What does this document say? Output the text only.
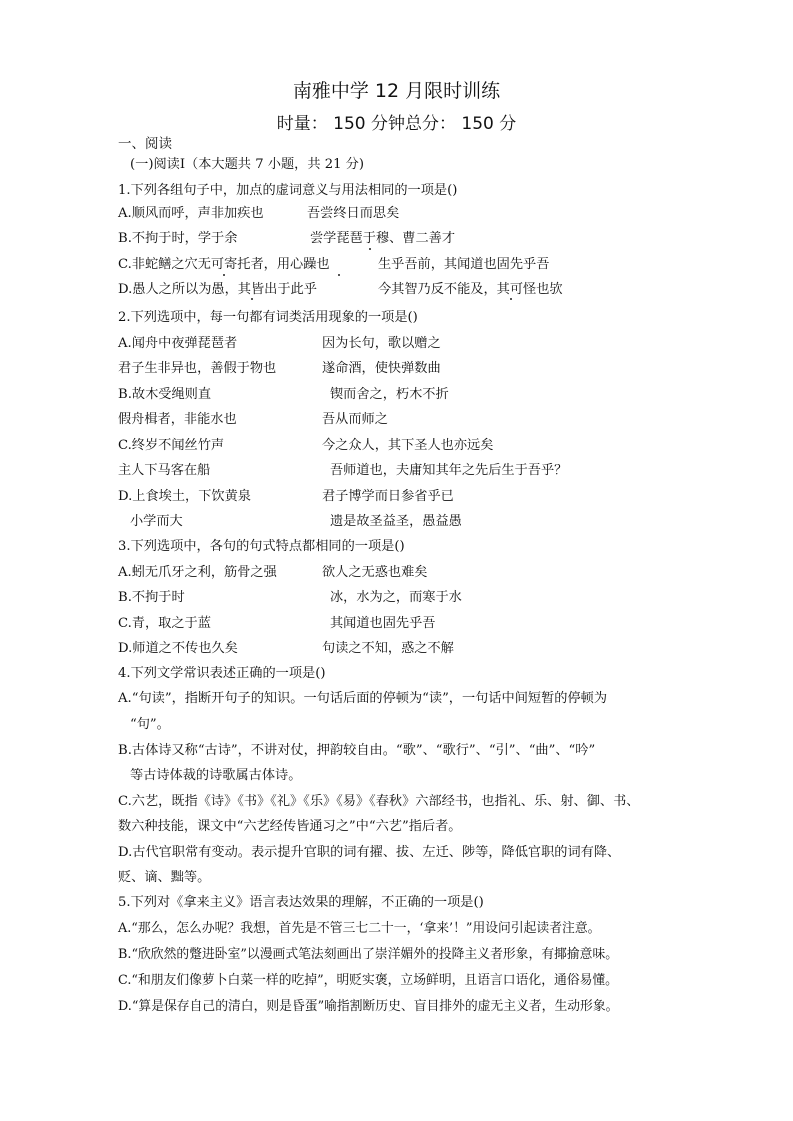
南雅中学 12 月限时训练
时量： 150 分钟总分： 150 分
一、阅读
(一)阅读Ⅰ（本大题共 7 小题，共 21 分)
1.下列各组句子中，加点的虚词意义与用法相同的一项是()
A.顺风而呼，声非加疾也	吾尝终日而思矣
B.不拘于时，学于余	尝学琵琶于穆、曹二善才
C.非蛇鳝之穴无可寄托者，用心躁也	生乎吾前，其闻道也固先乎吾
D.愚人之所以为愚，其皆出于此乎	今其智乃反不能及，其可怪也欤
2.下列选项中，每一句都有词类活用现象的一项是()
A.闻舟中夜弹琵琶者	因为长句，歌以赠之
君子生非异也，善假于物也	遂命酒，使快弹数曲
B.故木受绳则直	锲而舍之，朽木不折
假舟楫者，非能水也	吾从而师之
C.终岁不闻丝竹声	今之众人，其下圣人也亦远矣
主人下马客在船	吾师道也，夫庸知其年之先后生于吾乎？
D.上食埃土，下饮黄泉	君子博学而日参省乎已
小学而大	遗是故圣益圣，愚益愚
3.下列选项中，各句的句式特点都相同的一项是()
A.蚓无爪牙之利，筋骨之强	欲人之无惑也难矣
B.不拘于时	冰，水为之，而寒于水
C.青，取之于蓝	其闻道也固先乎吾
D.师道之不传也久矣	句读之不知，惑之不解
4.下列文学常识表述正确的一项是()
A.“句读”，指断开句子的知识。一句话后面的停顿为“读”，一句话中间短暂的停顿为
“句”。
B.古体诗又称“古诗”，不讲对仗，押韵较自由。“歌”、“歌行”、“引”、“曲”、“吟”
等古诗体裁的诗歌属古体诗。
C.六艺，既指《诗》《书》《礼》《乐》《易》《春秋》六部经书，也指礼、乐、射、御、书、
数六种技能，课文中“六艺经传皆通习之”中“六艺”指后者。
D.古代官职常有变动。表示提升官职的词有擢、拔、左迁、陟等，降低官职的词有降、
贬、谪、黜等。
5.下列对《拿来主义》语言表达效果的理解，不正确的一项是()
A.“那么，怎么办呢？我想，首先是不管三七二十一，‘拿来’！”用设问引起读者注意。
B.“欣欣然的蹩进卧室”以漫画式笔法刻画出了崇洋媚外的投降主义者形象，有揶揄意味。
C.“和朋友们像萝卜白菜一样的吃掉”，明贬实褒，立场鲜明，且语言口语化，通俗易懂。
D.“算是保存自己的清白，则是昏蛋”喻指割断历史、盲目排外的虚无主义者，生动形象。
